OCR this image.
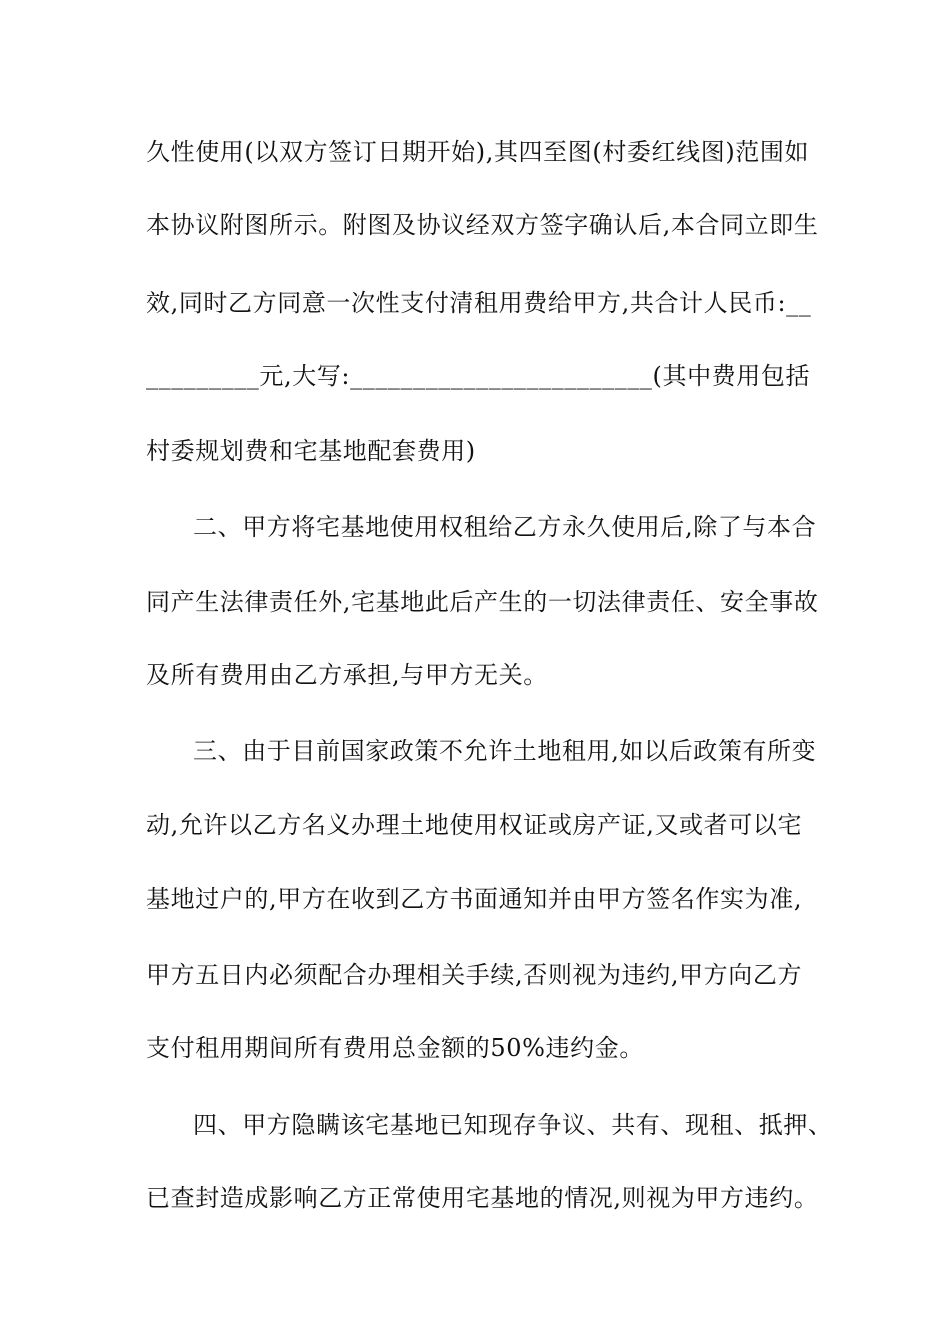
久性使用(以双方签订日期开始),其四至图(村委红线图)范围如
本协议附图所示。附图及协议经双方签字确认后,本合同立即生
效,同时乙方同意一次性支付清租用费给甲方,共合计人民币:__
_________元,大写:________________________(其中费用包括
村委规划费和宅基地配套费用)
二、甲方将宅基地使用权租给乙方永久使用后,除了与本合
同产生法律责任外,宅基地此后产生的一切法律责任、安全事故
及所有费用由乙方承担,与甲方无关。
三、由于目前国家政策不允许土地租用,如以后政策有所变
动,允许以乙方名义办理土地使用权证或房产证,又或者可以宅
基地过户的,甲方在收到乙方书面通知并由甲方签名作实为准,
甲方五日内必须配合办理相关手续,否则视为违约,甲方向乙方
支付租用期间所有费用总金额的50%违约金。
四、甲方隐瞒该宅基地已知现存争议、共有、现租、抵押、
已查封造成影响乙方正常使用宅基地的情况,则视为甲方违约。
